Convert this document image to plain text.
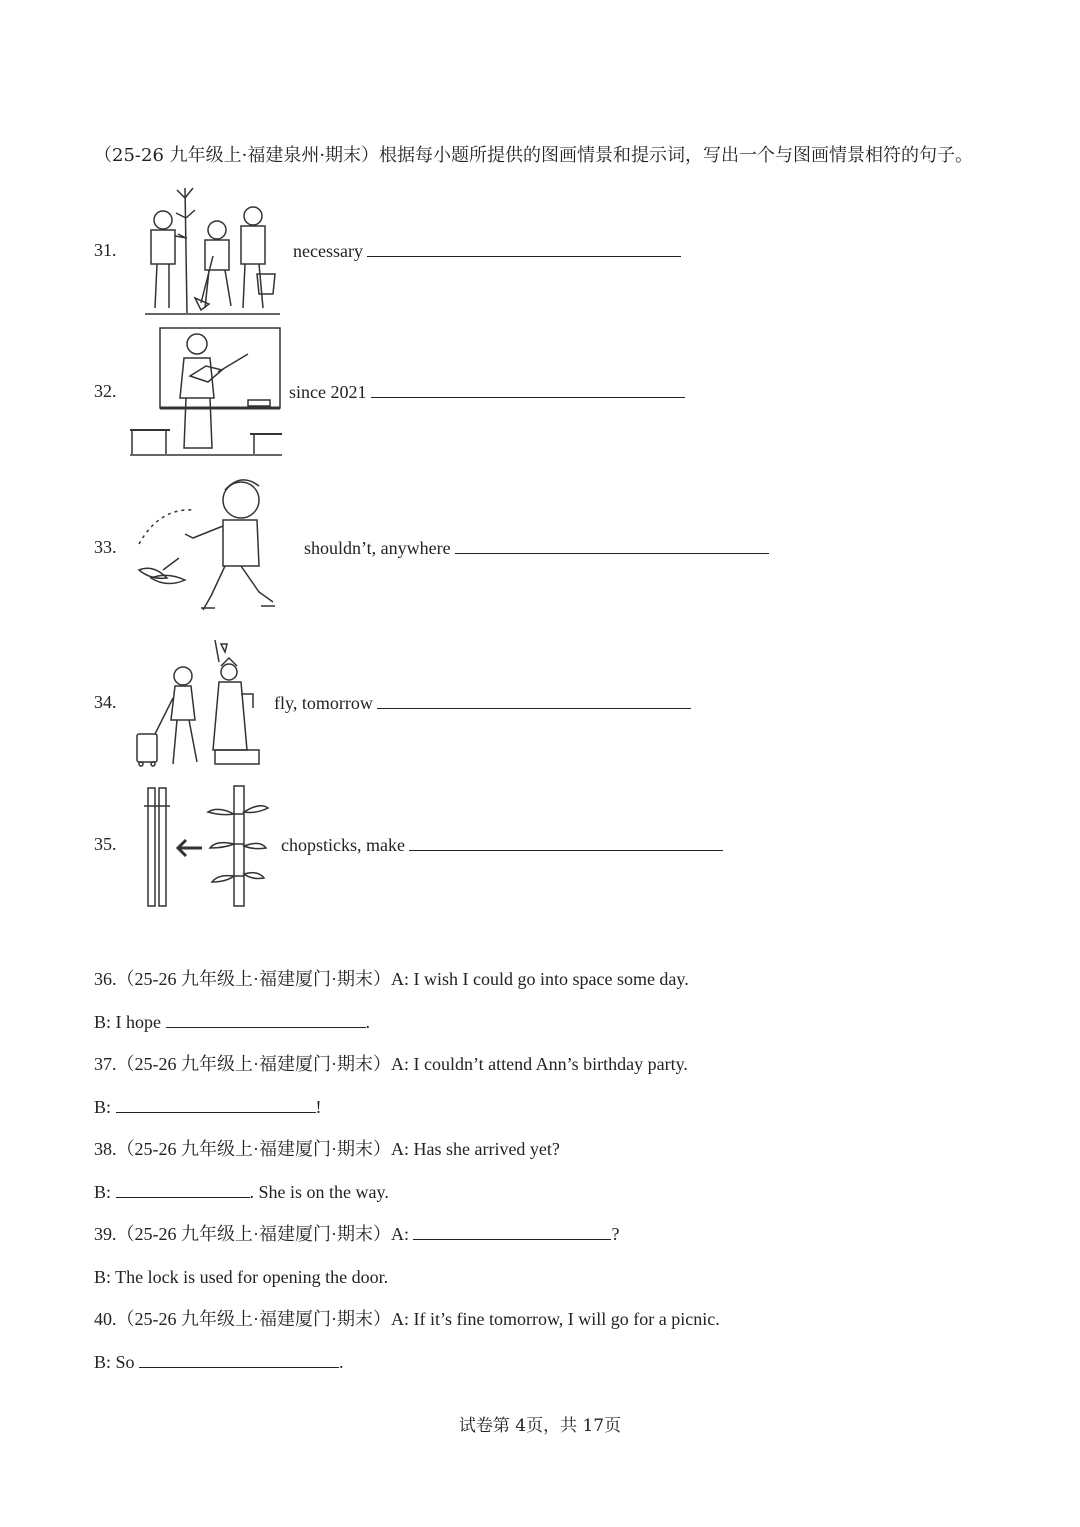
（25-26 九年级上·福建泉州·期末）根据每小题所提供的图画情景和提示词，写出一个与图画情景相符的句子。
31.	necessary
32.	since 2021
33.	shouldn’t, anywhere
34.	fly, tomorrow
35.	chopsticks, make
36.（25-26 九年级上·福建厦门·期末）A: I wish I could go into space some day.
B: I hope	.
37.（25-26 九年级上·福建厦门·期末）A: I couldn’t attend Ann’s birthday party.
B:	!
38.（25-26 九年级上·福建厦门·期末）A: Has she arrived yet?
B:	. She is on the way.
39.（25-26 九年级上·福建厦门·期末）A:	?
B: The lock is used for opening the door.
40.（25-26 九年级上·福建厦门·期末）A: If it’s fine tomorrow, I will go for a picnic.
B: So	.
试卷第 4页，共 17页
